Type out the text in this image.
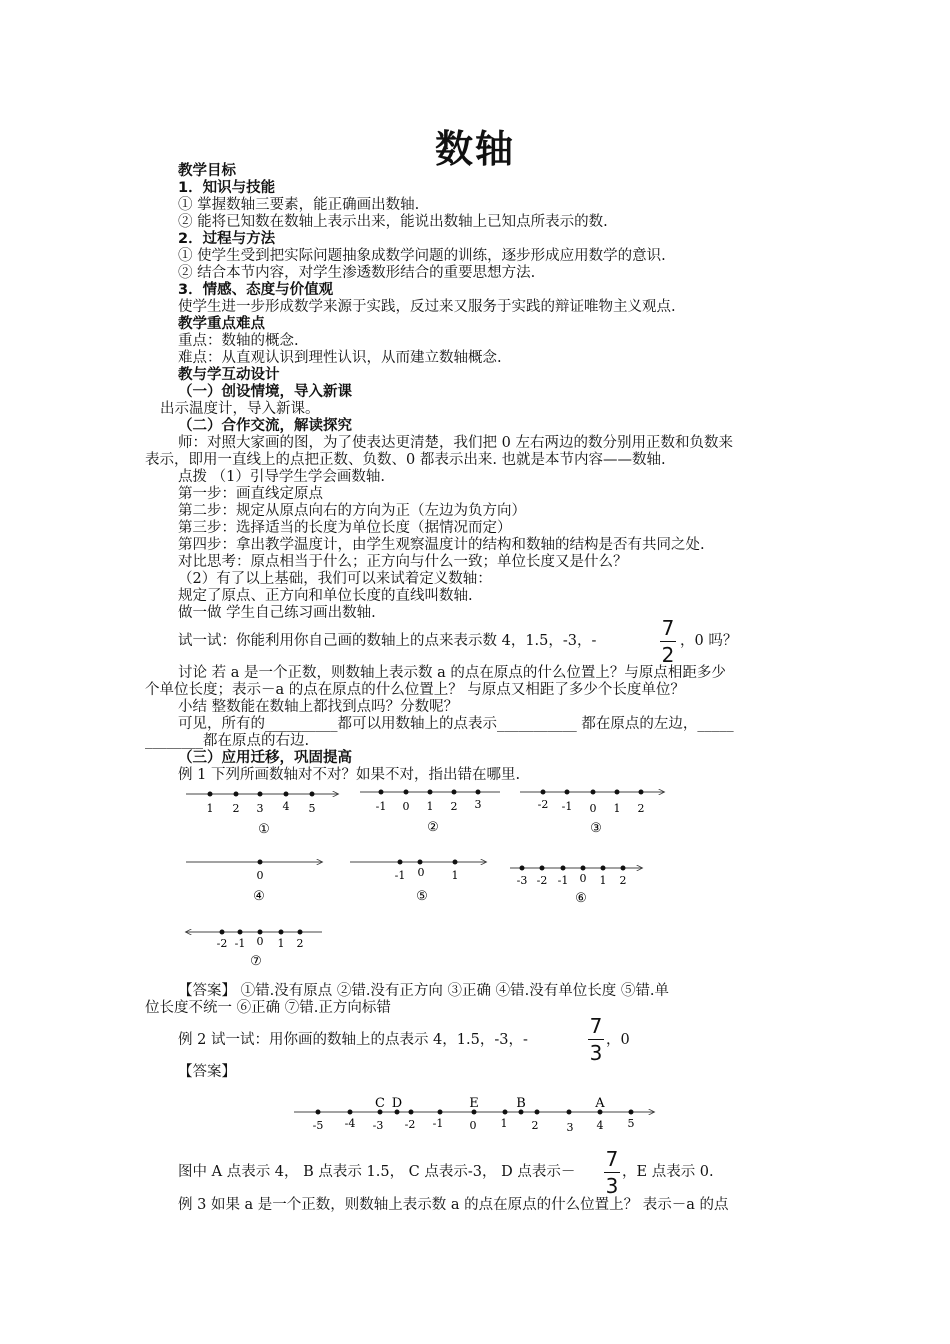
数轴
教学目标
1．知识与技能
① 掌握数轴三要素，能正确画出数轴.
② 能将已知数在数轴上表示出来，能说出数轴上已知点所表示的数.
2．过程与方法
① 使学生受到把实际问题抽象成数学问题的训练，逐步形成应用数学的意识.
② 结合本节内容，对学生渗透数形结合的重要思想方法.
3．情感、态度与价值观
使学生进一步形成数学来源于实践，反过来又服务于实践的辩证唯物主义观点.
教学重点难点
重点：数轴的概念.
难点：从直观认识到理性认识，从而建立数轴概念.
教与学互动设计
（一）创设情境，导入新课
出示温度计，导入新课。
（二）合作交流，解读探究
师：对照大家画的图，为了使表达更清楚，我们把 0 左右两边的数分别用正数和负数来
表示，即用一直线上的点把正数、负数、0 都表示出来. 也就是本节内容——数轴.
点拨 （1）引导学生学会画数轴.
第一步：画直线定原点
第二步：规定从原点向右的方向为正（左边为负方向）
第三步：选择适当的长度为单位长度（据情况而定）
第四步：拿出教学温度计，由学生观察温度计的结构和数轴的结构是否有共同之处.
对比思考：原点相当于什么；正方向与什么一致；单位长度又是什么？
（2）有了以上基础，我们可以来试着定义数轴：
规定了原点、正方向和单位长度的直线叫数轴.
做一做 学生自己练习画出数轴.
试一试：你能利用你自己画的数轴上的点来表示数 4，1.5，-3，-
7
2
，0 吗？
讨论 若 a 是一个正数，则数轴上表示数 a 的点在原点的什么位置上？与原点相距多少
个单位长度；表示－a 的点在原点的什么位置上？ 与原点又相距了多少个长度单位？
小结 整数能在数轴上都找到点吗？分数呢？
可见，所有的__________都可以用数轴上的点表示___________ 都在原点的左边，_____
________都在原点的右边.
（三）应用迁移，巩固提高
例 1 下列所画数轴对不对？如果不对，指出错在哪里.
1 2 3 4 5
①
-1 0 1 2 3
②
-2 -1 0 1 2
③
0
④
-1 0 1
⑤
-3 -2 -1 0 1 2
⑥
-2 -1 0 1 2
⑦
C D	E	B	A
-5 -4 -3 -2 -1 0 1 2	3 4 5
【答案】 ①错.没有原点 ②错.没有正方向 ③正确 ④错.没有单位长度 ⑤错.单
位长度不统一 ⑥正确 ⑦错.正方向标错
例 2 试一试：用你画的数轴上的点表示 4，1.5，-3，-
7
3
，0
【答案】
图中 A 点表示 4， B 点表示 1.5， C 点表示-3， D 点表示－
7
3
，E 点表示 0.
例 3 如果 a 是一个正数，则数轴上表示数 a 的点在原点的什么位置上？ 表示－a 的点
